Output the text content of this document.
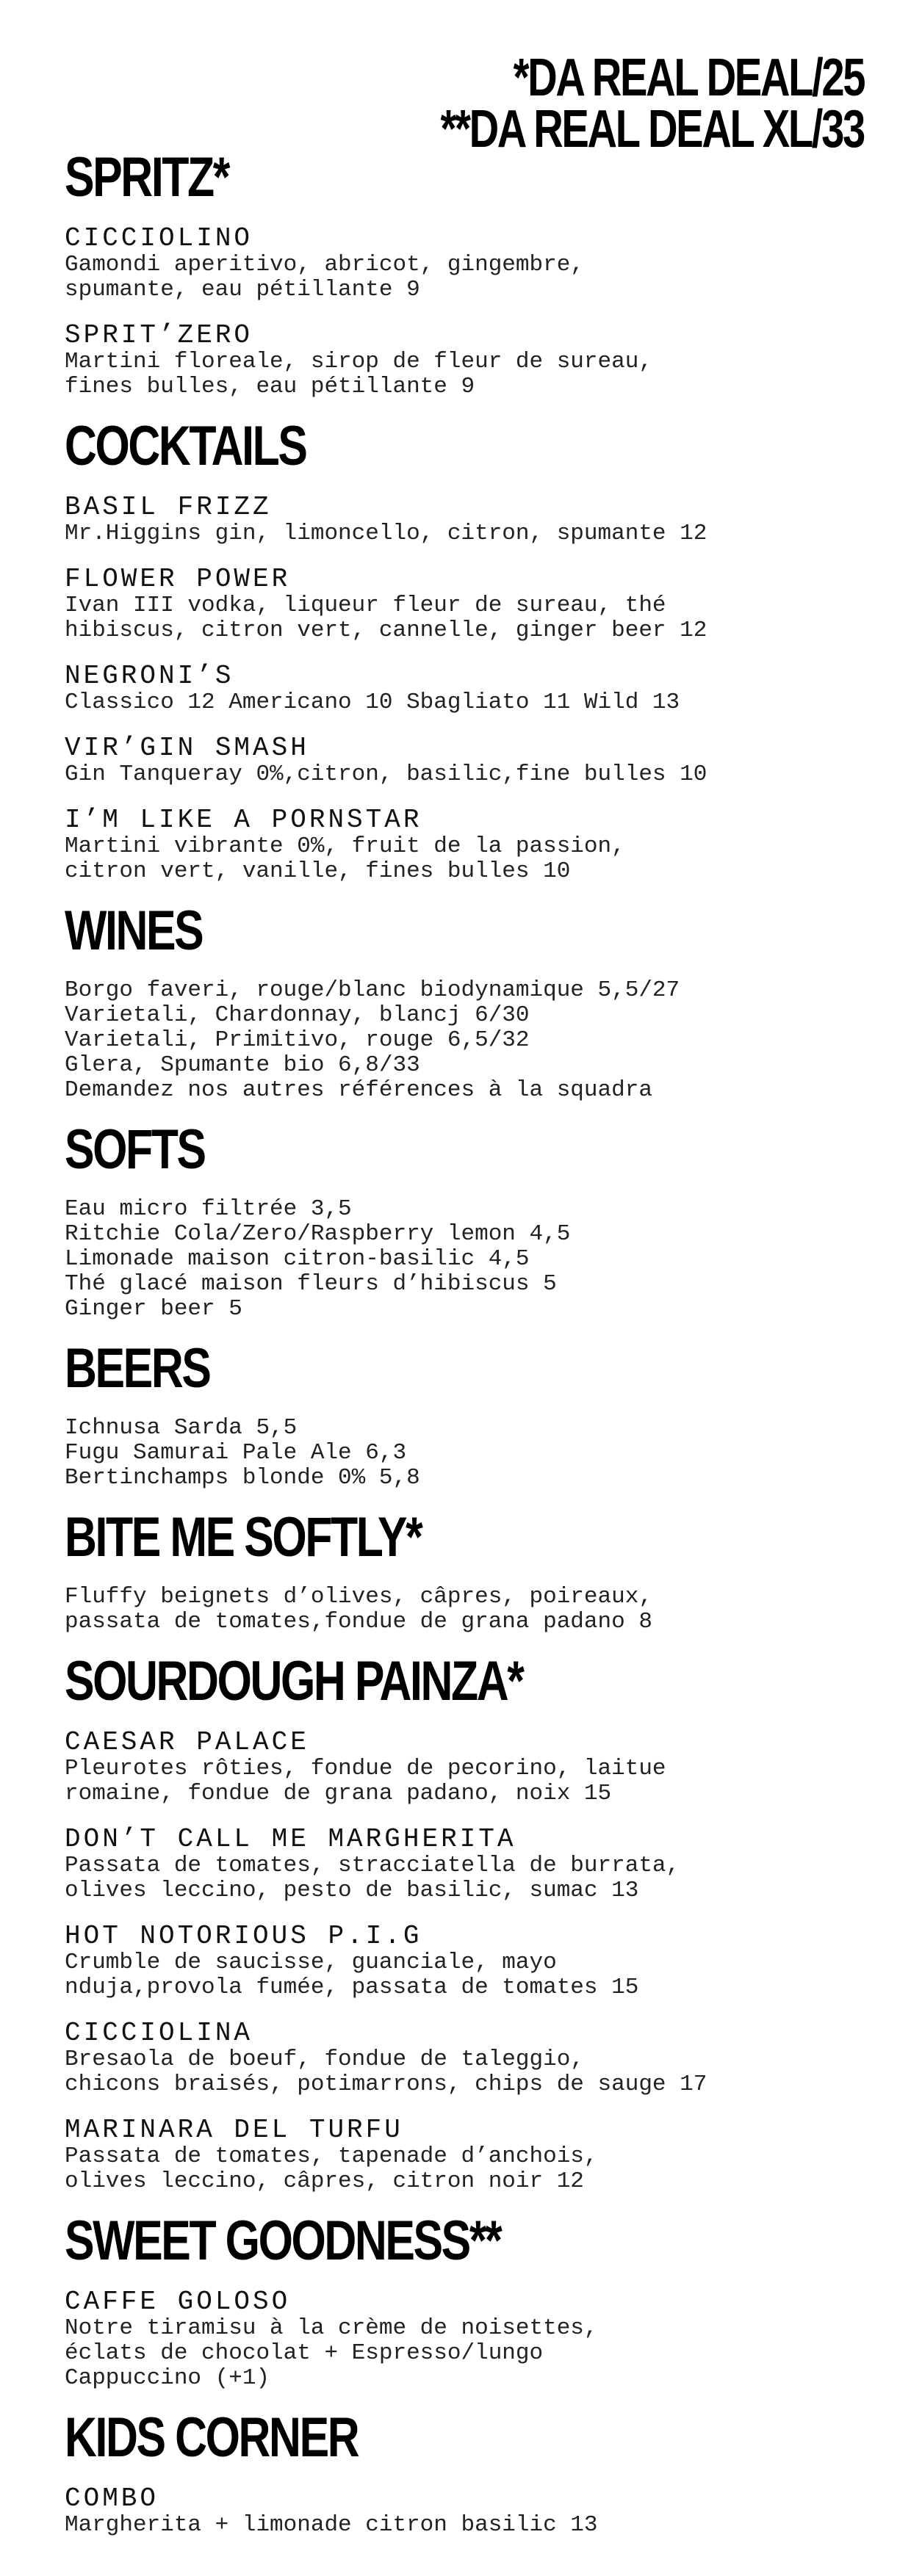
*DA REAL DEAL/25
**DA REAL DEAL XL/33
SPRITZ*
CICCIOLINO
Gamondi aperitivo, abricot, gingembre,
spumante, eau pétillante 9
SPRIT’ZERO
Martini floreale, sirop de fleur de sureau,
fines bulles, eau pétillante 9
COCKTAILS
BASIL FRIZZ
Mr.Higgins gin, limoncello, citron, spumante 12
FLOWER POWER
Ivan III vodka, liqueur fleur de sureau, thé
hibiscus, citron vert, cannelle, ginger beer 12
NEGRONI’S
Classico 12 Americano 10 Sbagliato 11 Wild 13
VIR’GIN SMASH
Gin Tanqueray 0%,citron, basilic,fine bulles 10
I’M LIKE A PORNSTAR
Martini vibrante 0%, fruit de la passion,
citron vert, vanille, fines bulles 10
WINES
Borgo faveri, rouge/blanc biodynamique 5,5/27
Varietali, Chardonnay, blancj 6/30
Varietali, Primitivo, rouge 6,5/32
Glera, Spumante bio 6,8/33
Demandez nos autres références à la squadra
SOFTS
Eau micro filtrée 3,5
Ritchie Cola/Zero/Raspberry lemon 4,5
Limonade maison citron-basilic 4,5
Thé glacé maison fleurs d’hibiscus 5
Ginger beer 5
BEERS
Ichnusa Sarda 5,5
Fugu Samurai Pale Ale 6,3
Bertinchamps blonde 0% 5,8
BITE ME SOFTLY*
Fluffy beignets d’olives, câpres, poireaux,
passata de tomates,fondue de grana padano 8
SOURDOUGH PAINZA*
CAESAR PALACE
Pleurotes rôties, fondue de pecorino, laitue
romaine, fondue de grana padano, noix 15
DON’T CALL ME MARGHERITA
Passata de tomates, stracciatella de burrata,
olives leccino, pesto de basilic, sumac 13
HOT NOTORIOUS P.I.G
Crumble de saucisse, guanciale, mayo
nduja,provola fumée, passata de tomates 15
CICCIOLINA
Bresaola de boeuf, fondue de taleggio,
chicons braisés, potimarrons, chips de sauge 17
MARINARA DEL TURFU
Passata de tomates, tapenade d’anchois,
olives leccino, câpres, citron noir 12
SWEET GOODNESS**
CAFFE GOLOSO
Notre tiramisu à la crème de noisettes,
éclats de chocolat + Espresso/lungo
Cappuccino (+1)
KIDS CORNER
COMBO
Margherita + limonade citron basilic 13
